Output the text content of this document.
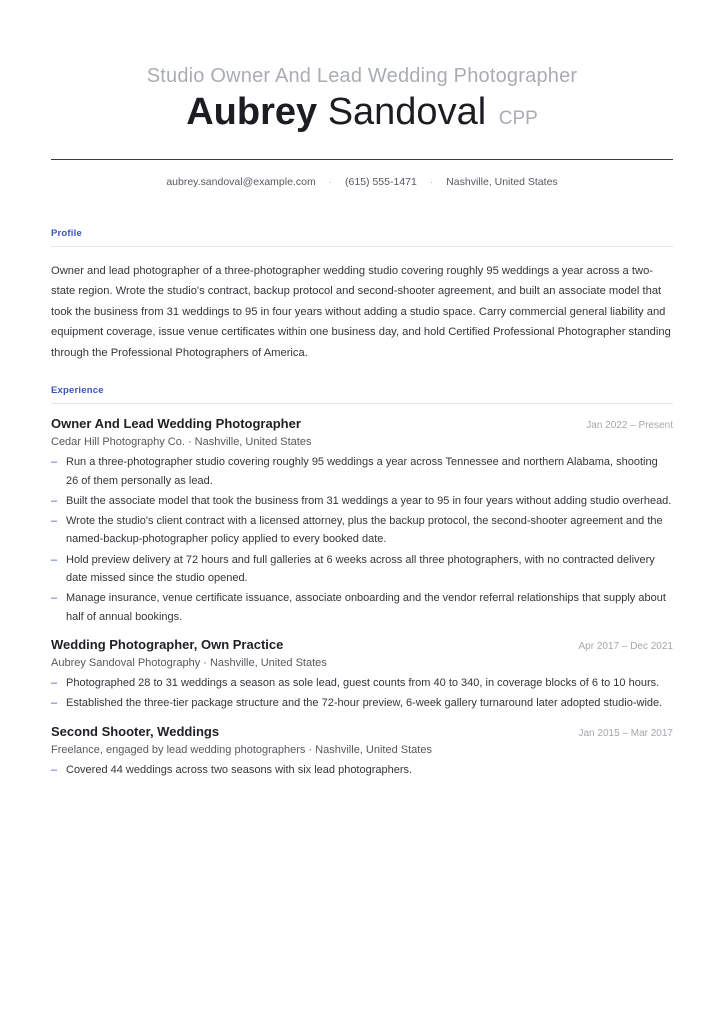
Studio Owner And Lead Wedding Photographer
Aubrey Sandoval CPP
aubrey.sandoval@example.com · (615) 555-1471 · Nashville, United States
Profile
Owner and lead photographer of a three-photographer wedding studio covering roughly 95 weddings a year across a two-state region. Wrote the studio's contract, backup protocol and second-shooter agreement, and built an associate model that took the business from 31 weddings to 95 in four years without adding a studio space. Carry commercial general liability and equipment coverage, issue venue certificates within one business day, and hold Certified Professional Photographer standing through the Professional Photographers of America.
Experience
Owner And Lead Wedding Photographer	Jan 2022 – Present
Cedar Hill Photography Co. · Nashville, United States
– Run a three-photographer studio covering roughly 95 weddings a year across Tennessee and northern Alabama, shooting 26 of them personally as lead.
– Built the associate model that took the business from 31 weddings a year to 95 in four years without adding studio overhead.
– Wrote the studio's client contract with a licensed attorney, plus the backup protocol, the second-shooter agreement and the named-backup-photographer policy applied to every booked date.
– Hold preview delivery at 72 hours and full galleries at 6 weeks across all three photographers, with no contracted delivery date missed since the studio opened.
– Manage insurance, venue certificate issuance, associate onboarding and the vendor referral relationships that supply about half of annual bookings.
Wedding Photographer, Own Practice	Apr 2017 – Dec 2021
Aubrey Sandoval Photography · Nashville, United States
– Photographed 28 to 31 weddings a season as sole lead, guest counts from 40 to 340, in coverage blocks of 6 to 10 hours.
– Established the three-tier package structure and the 72-hour preview, 6-week gallery turnaround later adopted studio-wide.
Second Shooter, Weddings	Jan 2015 – Mar 2017
Freelance, engaged by lead wedding photographers · Nashville, United States
– Covered 44 weddings across two seasons with six lead photographers.
